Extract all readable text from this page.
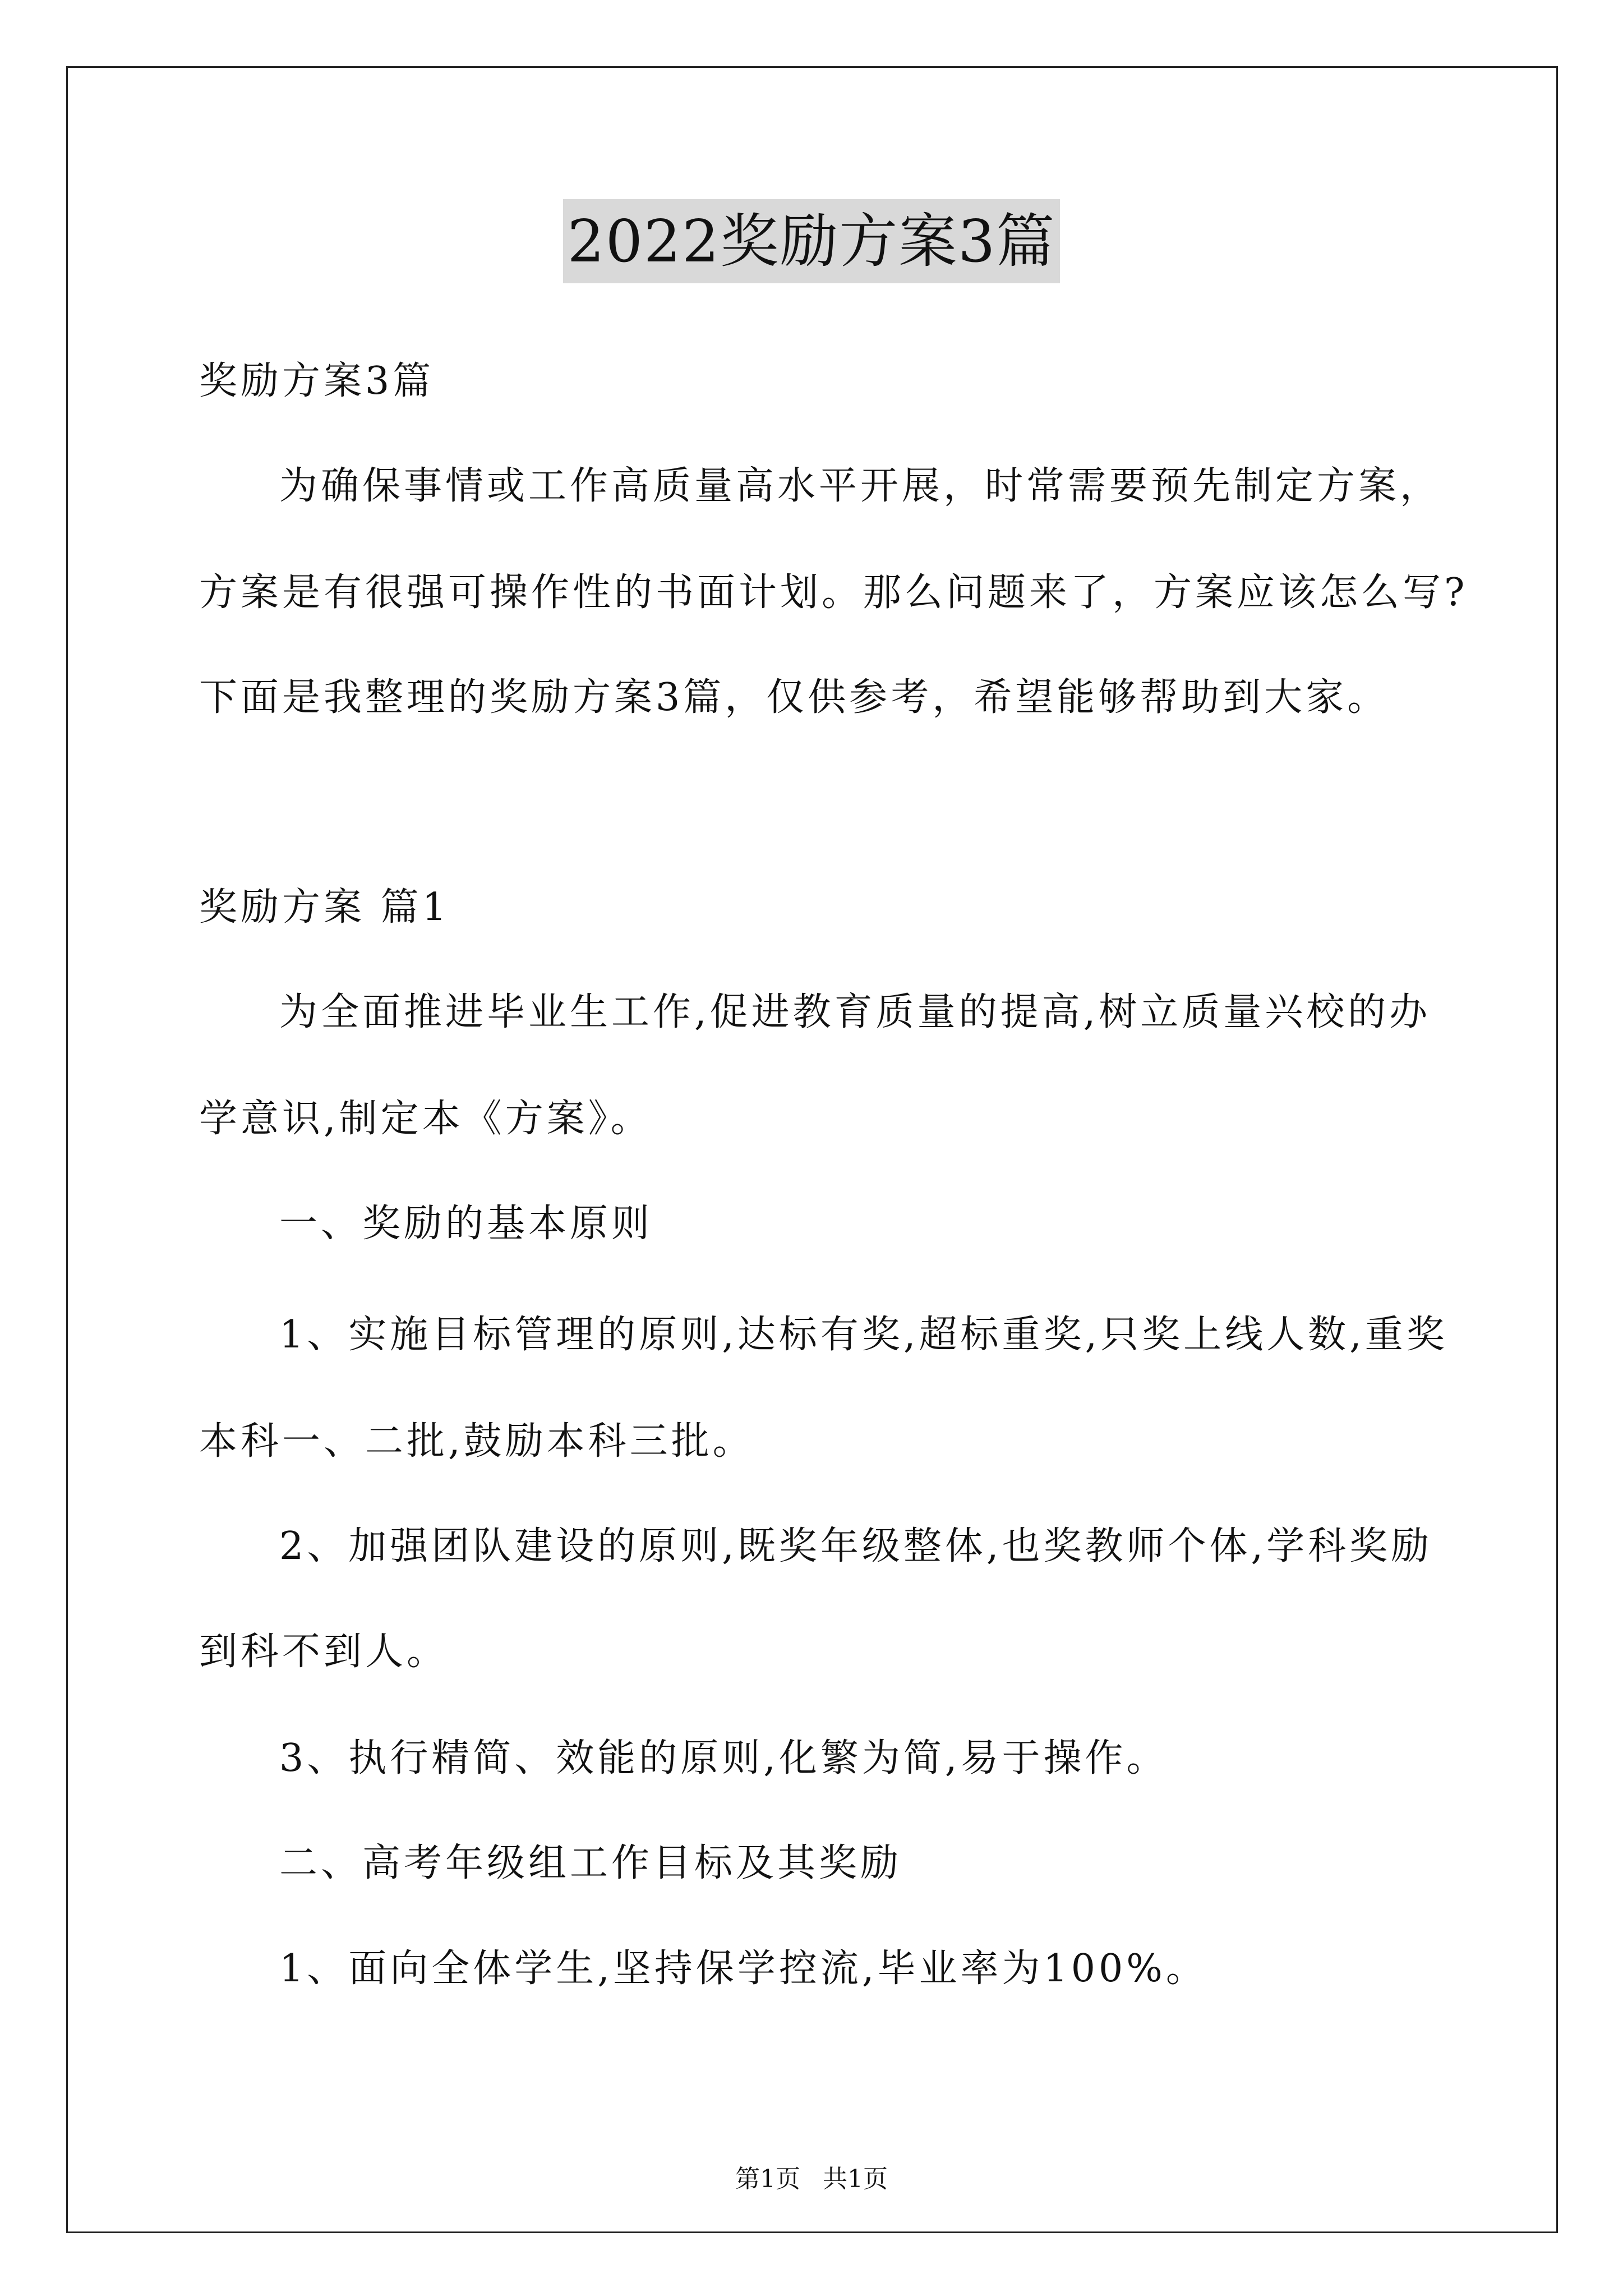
2022奖励方案3篇
奖励方案3篇
为确保事情或工作高质量高水平开展，时常需要预先制定方案，
方案是有很强可操作性的书面计划。那么问题来了，方案应该怎么写?
下面是我整理的奖励方案3篇，仅供参考，希望能够帮助到大家。
奖励方案 篇1
为全面推进毕业生工作,促进教育质量的提高,树立质量兴校的办
学意识,制定本《方案》。
一、奖励的基本原则
1、实施目标管理的原则,达标有奖,超标重奖,只奖上线人数,重奖
本科一、二批,鼓励本科三批。
2、加强团队建设的原则,既奖年级整体,也奖教师个体,学科奖励
到科不到人。
3、执行精简、效能的原则,化繁为简,易于操作。
二、高考年级组工作目标及其奖励
1、面向全体学生,坚持保学控流,毕业率为100%。
第1页 共1页
